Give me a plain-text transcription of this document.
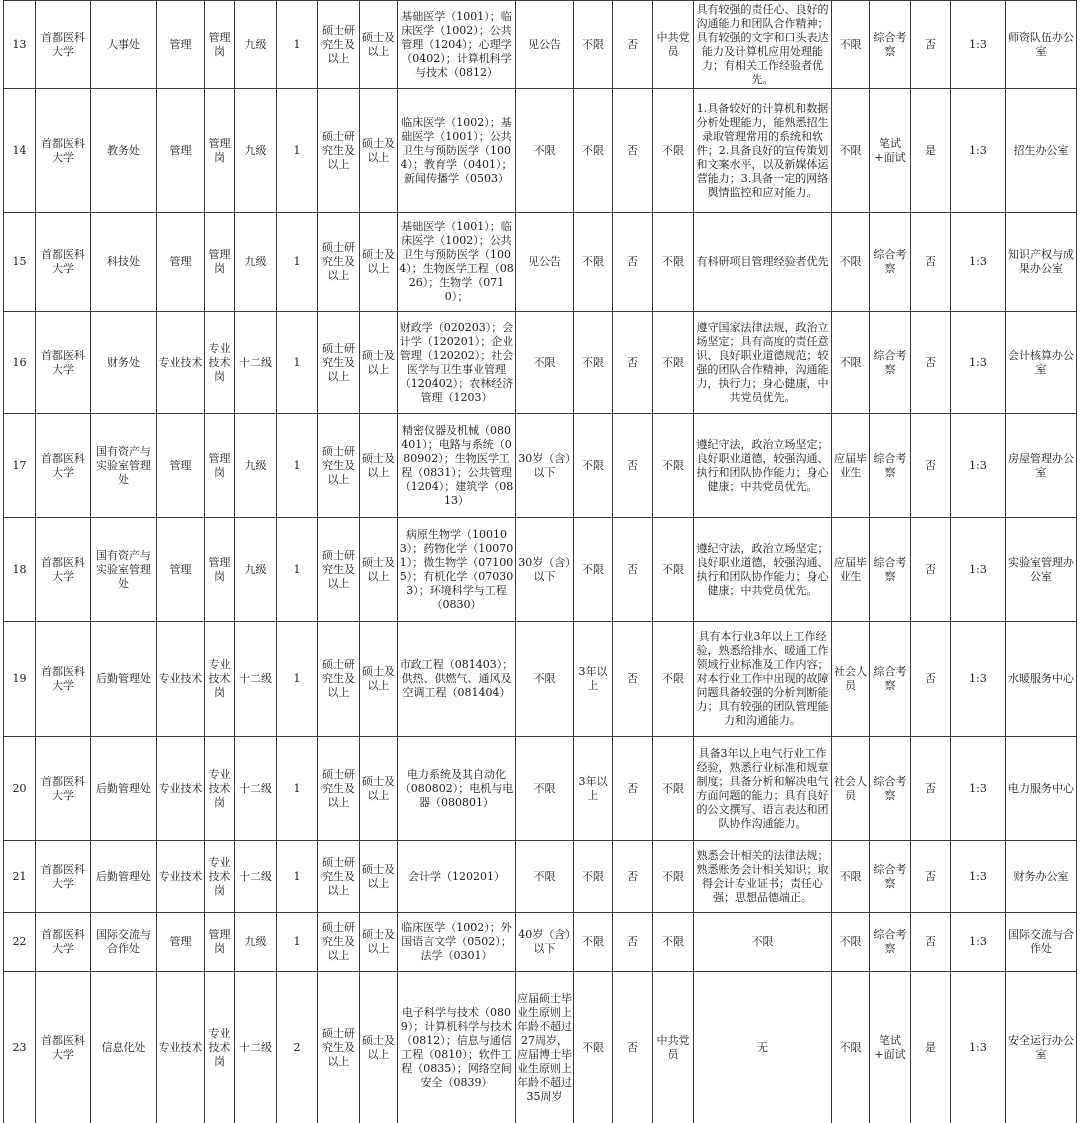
13	首都医科大学	人事处	管理	管理岗	九级	1	硕士研究生及以上	硕士及以上	基础医学（1001）；临床医学（1002）；公共管理（1204）；心理学（0402）；计算机科学与技术（0812）	见公告	不限	否	中共党员	具有较强的责任心、良好的沟通能力和团队合作精神；具有较强的文字和口头表达能力及计算机应用处理能力；有相关工作经验者优先。	不限	综合考察	否	1:3	师资队伍办公室
14	首都医科大学	教务处	管理	管理岗	九级	1	硕士研究生及以上	硕士及以上	临床医学（1002）；基础医学（1001）；公共卫生与预防医学（1004）；教育学（0401）；新闻传播学（0503）	不限	不限	否	不限	1.具备较好的计算机和数据分析处理能力，能熟悉招生录取管理常用的系统和软件；2.具备良好的宣传策划和文案水平，以及新媒体运营能力；3.具备一定的网络舆情监控和应对能力。	不限	笔试+面试	是	1:3	招生办公室
15	首都医科大学	科技处	管理	管理岗	九级	1	硕士研究生及以上	硕士及以上	基础医学（1001）；临床医学（1002）；公共卫生与预防医学（1004）；生物医学工程（0826）；生物学（0710）；	见公告	不限	否	不限	有科研项目管理经验者优先	不限	综合考察	否	1:3	知识产权与成果办公室
16	首都医科大学	财务处	专业技术	专业技术岗	十二级	1	硕士研究生及以上	硕士及以上	财政学（020203）；会计学（120201）；企业管理（120202）；社会医学与卫生事业管理（120402）；农林经济管理（1203）	不限	不限	否	不限	遵守国家法律法规，政治立场坚定；具有高度的责任意识、良好职业道德规范；较强的团队合作精神，沟通能力，执行力；身心健康，中共党员优先。	不限	综合考察	否	1:3	会计核算办公室
17	首都医科大学	国有资产与实验室管理处	管理	管理岗	九级	1	硕士研究生及以上	硕士及以上	精密仪器及机械（080401）；电路与系统（080902）；生物医学工程（0831）；公共管理（1204）；建筑学（0813）	30岁（含）以下	不限	否	不限	遵纪守法，政治立场坚定；良好职业道德，较强沟通、执行和团队协作能力；身心健康；中共党员优先。	应届毕业生	综合考察	否	1:3	房屋管理办公室
18	首都医科大学	国有资产与实验室管理处	管理	管理岗	九级	1	硕士研究生及以上	硕士及以上	病原生物学（100103）；药物化学（100701）；微生物学（071005）；有机化学（070303）；环境科学与工程（0830）	30岁（含）以下	不限	否	不限	遵纪守法，政治立场坚定；良好职业道德，较强沟通、执行和团队协作能力；身心健康；中共党员优先。	应届毕业生	综合考察	否	1:3	实验室管理办公室
19	首都医科大学	后勤管理处	专业技术	专业技术岗	十二级	1	硕士研究生及以上	硕士及以上	市政工程（081403）；供热、供燃气、通风及空调工程（081404）	不限	3年以上	否	不限	具有本行业3年以上工作经验，熟悉给排水、暖通工作领域行业标准及工作内容；对本行业工作中出现的故障问题具备较强的分析判断能力；具有较强的团队管理能力和沟通能力。	社会人员	综合考察	否	1:3	水暖服务中心
20	首都医科大学	后勤管理处	专业技术	专业技术岗	十二级	1	硕士研究生及以上	硕士及以上	电力系统及其自动化（080802）；电机与电器（080801）	不限	3年以上	否	不限	具备3年以上电气行业工作经验，熟悉行业标准和规章制度；具备分析和解决电气方面问题的能力；具有良好的公文撰写、语言表达和团队协作沟通能力。	社会人员	综合考察	否	1:3	电力服务中心
21	首都医科大学	后勤管理处	专业技术	专业技术岗	十二级	1	硕士研究生及以上	硕士及以上	会计学（120201）	不限	不限	否	不限	熟悉会计相关的法律法规；熟悉账务会计相关知识；取得会计专业证书；责任心强；思想品德端正。	不限	综合考察	否	1:3	财务办公室
22	首都医科大学	国际交流与合作处	管理	管理岗	九级	1	硕士研究生及以上	硕士及以上	临床医学（1002）；外国语言文学（0502）；法学（0301）	40岁（含）以下	不限	否	不限	不限	不限	综合考察	否	1:3	国际交流与合作处
23	首都医科大学	信息化处	专业技术	专业技术岗	十二级	2	硕士研究生及以上	硕士及以上	电子科学与技术（0809）；计算机科学与技术（0812）；信息与通信工程（0810）；软件工程（0835）；网络空间安全（0839）	应届硕士毕业生原则上年龄不超过27周岁，应届博士毕业生原则上年龄不超过35周岁	不限	否	中共党员	无	不限	笔试+面试	是	1:3	安全运行办公室
